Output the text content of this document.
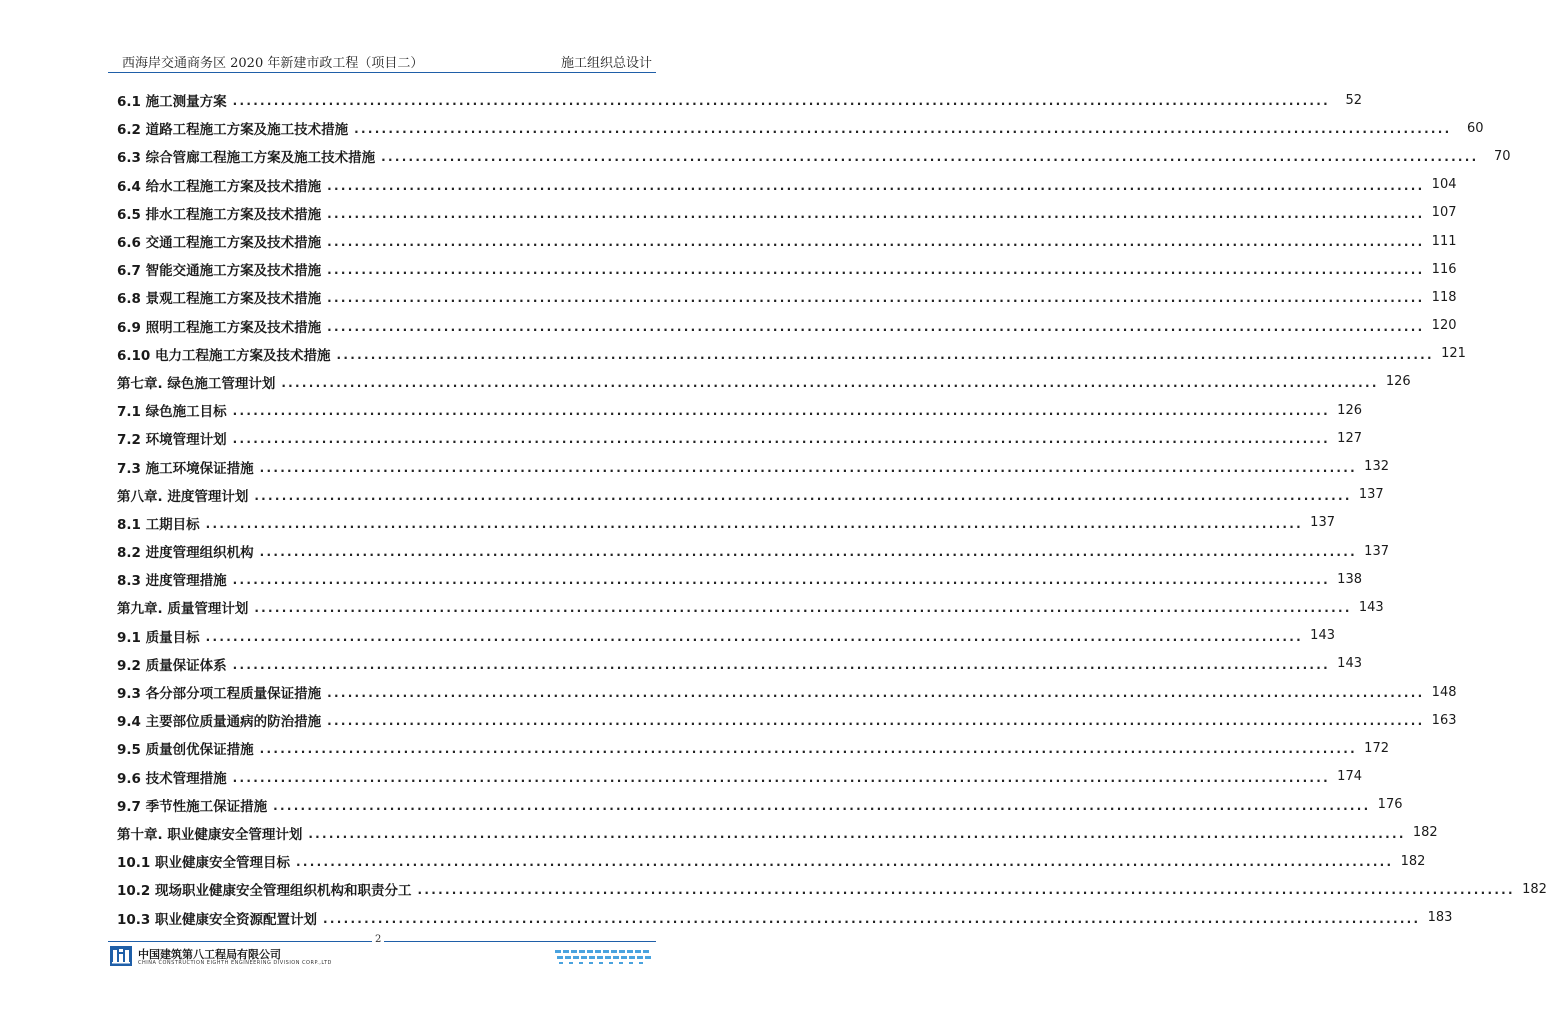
西海岸交通商务区 2020 年新建市政工程（项目二）	施工组织总设计
6.1 施工测量方案 ................................................................................................................................................................	52
6.2 道路工程施工方案及施工技术措施 ................................................................................................................................................................	60
6.3 综合管廊工程施工方案及施工技术措施 ................................................................................................................................................................	70
6.4 给水工程施工方案及技术措施 ................................................................................................................................................................ 104
6.5 排水工程施工方案及技术措施 ................................................................................................................................................................ 107
6.6 交通工程施工方案及技术措施 ................................................................................................................................................................ 111
6.7 智能交通施工方案及技术措施 ................................................................................................................................................................ 116
6.8 景观工程施工方案及技术措施 ................................................................................................................................................................ 118
6.9 照明工程施工方案及技术措施 ................................................................................................................................................................ 120
6.10 电力工程施工方案及技术措施 ................................................................................................................................................................ 121
第七章. 绿色施工管理计划 ................................................................................................................................................................ 126
7.1 绿色施工目标 ................................................................................................................................................................ 126
7.2 环境管理计划 ................................................................................................................................................................ 127
7.3 施工环境保证措施 ................................................................................................................................................................ 132
第八章. 进度管理计划 ................................................................................................................................................................ 137
8.1 工期目标 ................................................................................................................................................................ 137
8.2 进度管理组织机构 ................................................................................................................................................................ 137
8.3 进度管理措施 ................................................................................................................................................................ 138
第九章. 质量管理计划 ................................................................................................................................................................ 143
9.1 质量目标 ................................................................................................................................................................ 143
9.2 质量保证体系 ................................................................................................................................................................ 143
9.3 各分部分项工程质量保证措施 ................................................................................................................................................................ 148
9.4 主要部位质量通病的防治措施 ................................................................................................................................................................ 163
9.5 质量创优保证措施 ................................................................................................................................................................ 172
9.6 技术管理措施 ................................................................................................................................................................ 174
9.7 季节性施工保证措施 ................................................................................................................................................................ 176
第十章. 职业健康安全管理计划 ................................................................................................................................................................ 182
10.1 职业健康安全管理目标 ................................................................................................................................................................ 182
10.2 现场职业健康安全管理组织机构和职责分工 ................................................................................................................................................................ 182
10.3 职业健康安全资源配置计划 ................................................................................................................................................................ 183
2
中国建筑第八工程局有限公司
CHINA CONSTRUCTION EIGHTH ENGINEERING DIVISION CORP.,LTD
